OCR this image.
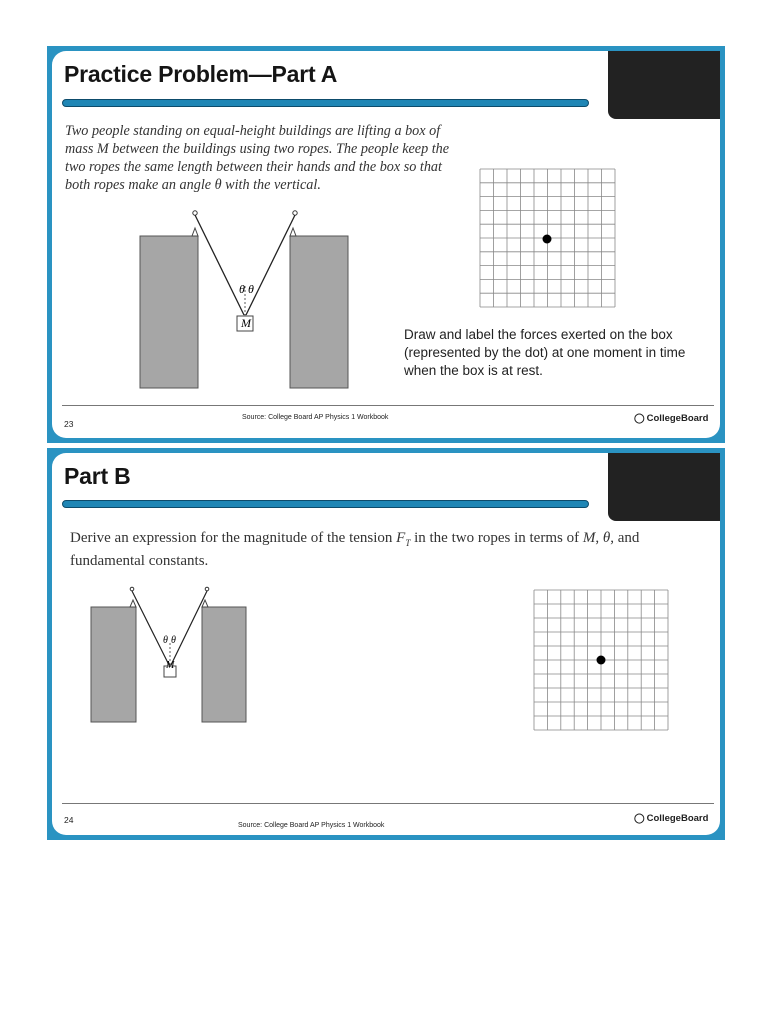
Practice Problem—Part A
Two people standing on equal-height buildings are lifting a box of mass M between the buildings using two ropes. The people keep the two ropes the same length between their hands and the box so that both ropes make an angle θ with the vertical.
θ θ
M
Draw and label the forces exerted on the box (represented by the dot) at one moment in time when the box is at rest.
23
Source: College Board AP Physics 1 Workbook	◯ CollegeBoard
Part B
Derive an expression for the magnitude of the tension $F_T$ in the two ropes in terms of M, θ, and
fundamental constants.
θ θ
M
24
Source: College Board AP Physics 1 Workbook
◯ CollegeBoard
